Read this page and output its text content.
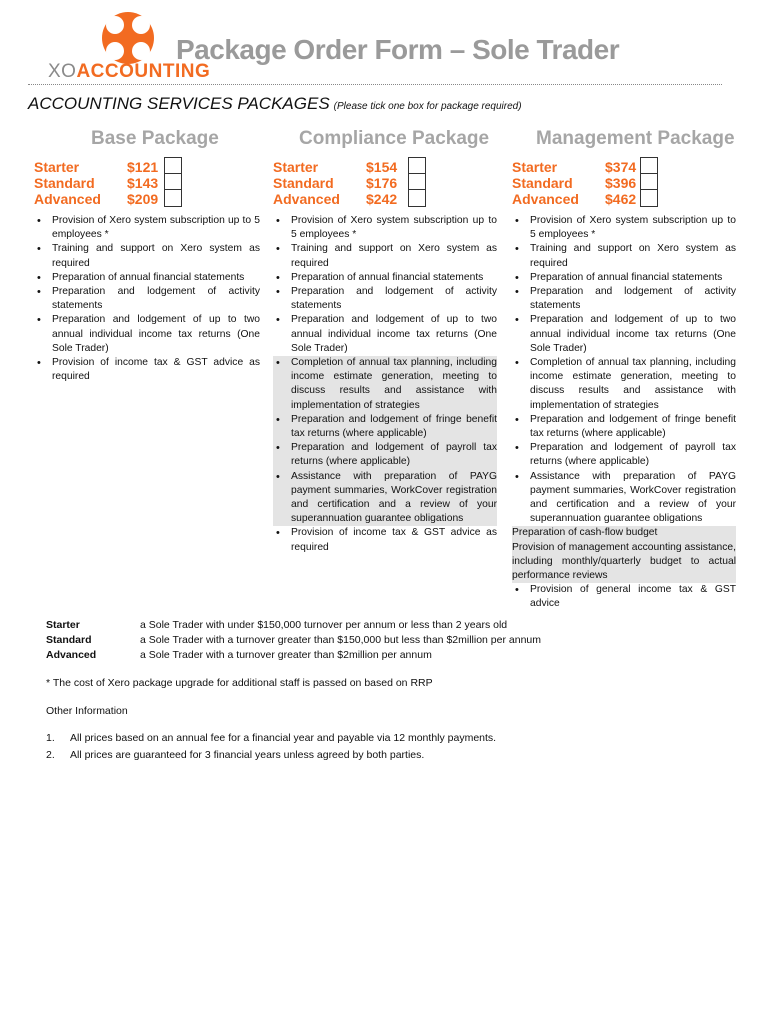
XOACCOUNTING
Package Order Form – Sole Trader
ACCOUNTING SERVICES PACKAGES (Please tick one box for package required)
Base Package
Starter	$121
Standard $143
Advanced $209
• Provision of Xero system subscription up to 5 employees *
• Training and support on Xero system as required
• Preparation of annual financial statements
• Preparation and lodgement of activity statements
• Preparation and lodgement of up to two annual individual income tax returns (One Sole Trader)
• Provision of income tax & GST advice as required
Compliance Package
Starter	$154
Standard $176
Advanced $242
• Provision of Xero system subscription up to 5 employees *
• Training and support on Xero system as required
• Preparation of annual financial statements
• Preparation and lodgement of activity statements
• Preparation and lodgement of up to two annual individual income tax returns (One Sole Trader)
• Completion of annual tax planning, including income estimate generation, meeting to discuss results and assistance with implementation of strategies
• Preparation and lodgement of fringe benefit tax returns (where applicable)
• Preparation and lodgement of payroll tax returns (where applicable)
• Assistance with preparation of PAYG payment summaries, WorkCover registration and certification and a review of your superannuation guarantee obligations
• Provision of income tax & GST advice as required
Management Package
Starter	$374
Standard $396
Advanced $462
• Provision of Xero system subscription up to 5 employees *
• Training and support on Xero system as required
• Preparation of annual financial statements
• Preparation and lodgement of activity statements
• Preparation and lodgement of up to two annual individual income tax returns (One Sole Trader)
• Completion of annual tax planning, including income estimate generation, meeting to discuss results and assistance with implementation of strategies
• Preparation and lodgement of fringe benefit tax returns (where applicable)
• Preparation and lodgement of payroll tax returns (where applicable)
• Assistance with preparation of PAYG payment summaries, WorkCover registration and certification and a review of your superannuation guarantee obligations
Preparation of cash-flow budget
Provision of management accounting assistance, including monthly/quarterly budget to actual performance reviews
• Provision of general income tax & GST advice
Starter	a Sole Trader with under $150,000 turnover per annum or less than 2 years old
Standard	a Sole Trader with a turnover greater than $150,000 but less than $2million per annum
Advanced	a Sole Trader with a turnover greater than $2million per annum
* The cost of Xero package upgrade for additional staff is passed on based on RRP
Other Information
1. All prices based on an annual fee for a financial year and payable via 12 monthly payments.
2. All prices are guaranteed for 3 financial years unless agreed by both parties.
